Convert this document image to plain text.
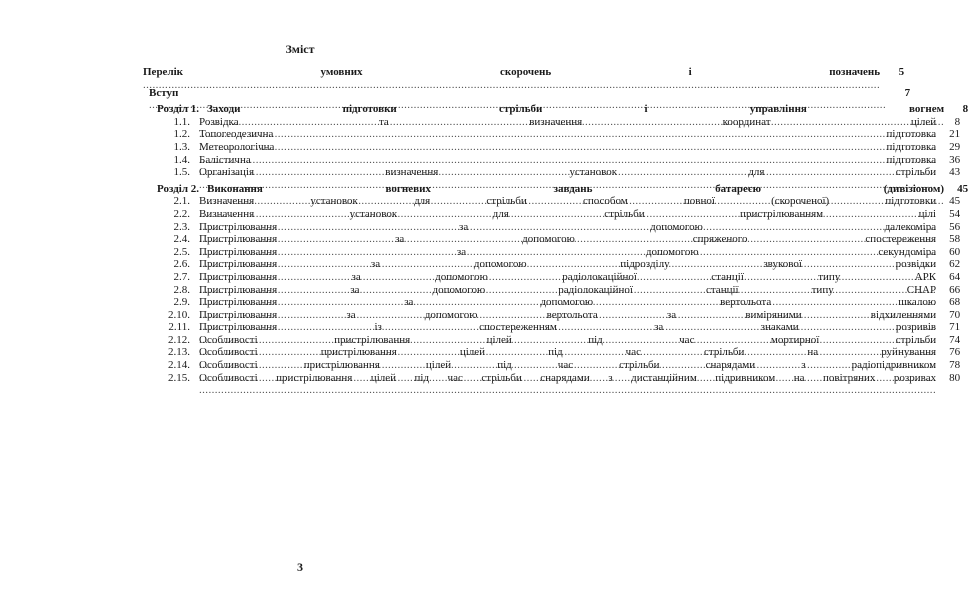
Зміст
Перелік умовних скорочень і позначень .....	5
Вступ .....	7
Розділ 1. Заходи підготовки стрільби і управління вогнем .....	8
1.1. Розвідка та визначення координат цілей .....	8
1.2. Топогеодезична підготовка .....	21
1.3. Метеорологічна підготовка .....	29
1.4. Балістична підготовка .....	36
1.5. Організація визначення установок для стрільби .....	43
Розділ 2. Виконання вогневих завдань батареєю (дивізіоном) .....	45
2.1. Визначення установок для стрільби способом повної (скороченої) підготовки .....	45
2.2. Визначення установок для стрільби пристрілюванням цілі .....	54
2.3. Пристрілювання за допомогою далекоміра .....	56
2.4. Пристрілювання за допомогою спряженого спостереження .....	58
2.5. Пристрілювання за допомогою секундоміра .....	60
2.6. Пристрілювання за допомогою підрозділу звукової розвідки .....	62
2.7. Пристрілювання за допомогою радіолокаційної станції типу АРК .....	64
2.8. Пристрілювання за допомогою радіолокаційної станції типу СНАР .....	66
2.9. Пристрілювання за допомогою вертольота шкалою .....	68
2.10. Пристрілювання за допомогою вертольота за виміряними відхиленнями .....	70
2.11. Пристрілювання із спостереженням за знаками розривів .....	71
2.12. Особливості пристрілювання цілей під час мортирної стрільби .....	74
2.13. Особливості пристрілювання цілей під час стрільби на руйнування .....	76
2.14. Особливості пристрілювання цілей під час стрільби снарядами з радіопідривником .....	78
2.15. Особливості пристрілювання цілей під час стрільби снарядами з дистанційним підривником на повітряних розривах .....	80
3
